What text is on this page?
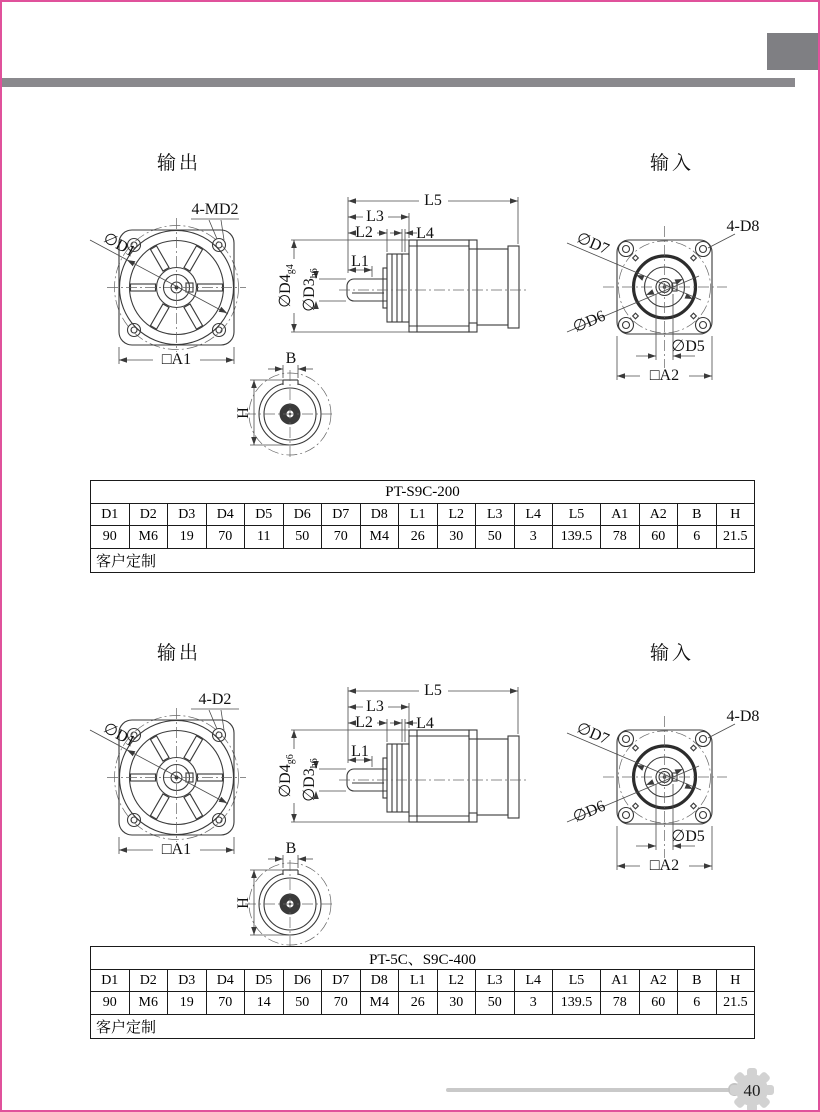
输出	输入
4-MD2
∅D1
□A1
L5
L3
L2	L4
L1
∅D4g4
∅D3h6
4-D8
∅D7
∅D6
∅D5
□A2
B
H
PT-S9C-200																
D1	D2	D3	D4	D5	D6	D7	D8	L1	L2	L3	L4	L5	A1	A2	B	H
90	M6	19	70	11	50	70	M4	26	30	50	3	139.5	78	60	6	21.5
客户定制																
输出	输入
4-D2
∅D1
□A1
L5
L3
L2	L4
L1
∅D4g6
∅D3h6
4-D8
∅D7
∅D6
∅D5
□A2
B
H
PT-5C、S9C-400																
D1	D2	D3	D4	D5	D6	D7	D8	L1	L2	L3	L4	L5	A1	A2	B	H
90	M6	19	70	14	50	70	M4	26	30	50	3	139.5	78	60	6	21.5
客户定制																
40
